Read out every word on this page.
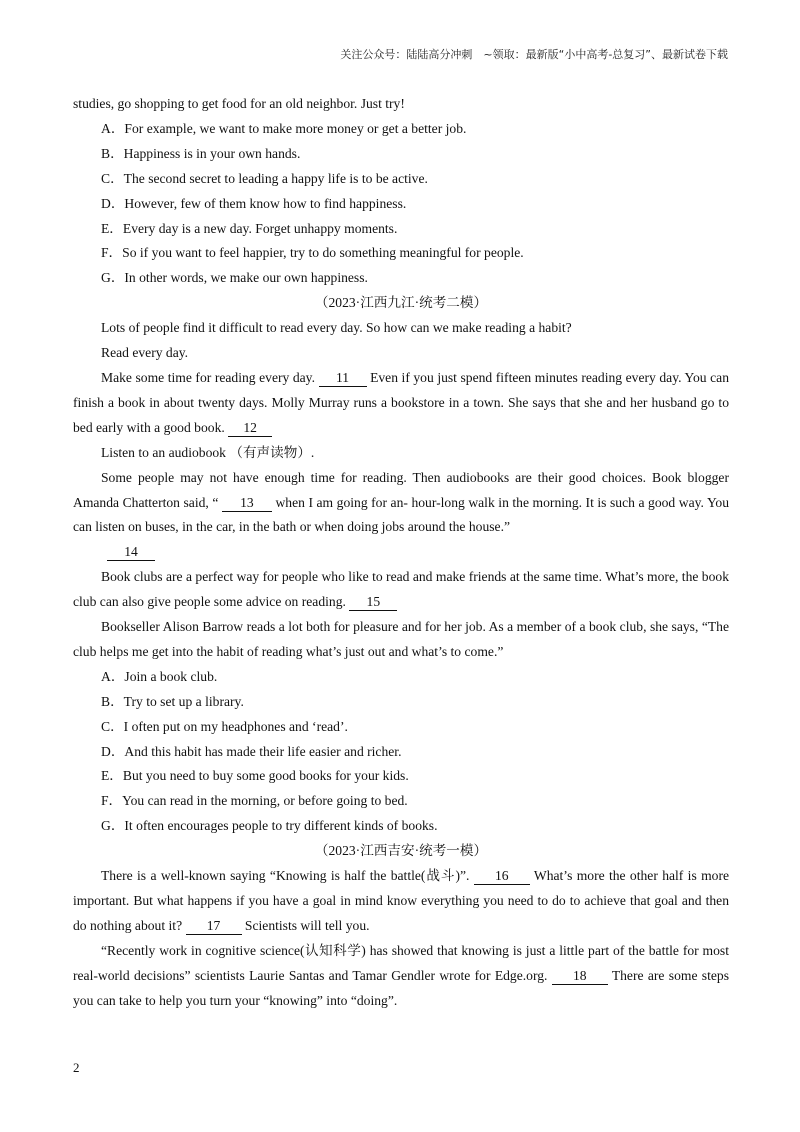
关注公众号：陆陆高分冲刺　~领取：最新版“小中高考-总复习”、最新试卷下载
studies, go shopping to get food for an old neighbor. Just try!
A．For example, we want to make more money or get a better job.
B．Happiness is in your own hands.
C．The second secret to leading a happy life is to be active.
D．However, few of them know how to find happiness.
E．Every day is a new day. Forget unhappy moments.
F．So if you want to feel happier, try to do something meaningful for people.
G．In other words, we make our own happiness.
（2023·江西九江·统考二模）
Lots of people find it difficult to read every day. So how can we make reading a habit?
Read every day.
Make some time for reading every day. 11 Even if you just spend fifteen minutes reading every day. You can finish a book in about twenty days. Molly Murray runs a bookstore in a town. She says that she and her husband go to bed early with a good book. 12
Listen to an audiobook （有声读物）.
Some people may not have enough time for reading. Then audiobooks are their good choices. Book blogger Amanda Chatterton said, “ 13 when I am going for an- hour-long walk in the morning. It is such a good way. You can listen on buses, in the car, in the bath or when doing jobs around the house.”
14
Book clubs are a perfect way for people who like to read and make friends at the same time. What’s more, the book club can also give people some advice on reading. 15
Bookseller Alison Barrow reads a lot both for pleasure and for her job. As a member of a book club, she says, “The club helps me get into the habit of reading what’s just out and what’s to come.”
A．Join a book club.
B．Try to set up a library.
C．I often put on my headphones and ‘read’.
D．And this habit has made their life easier and richer.
E．But you need to buy some good books for your kids.
F．You can read in the morning, or before going to bed.
G．It often encourages people to try different kinds of books.
（2023·江西吉安·统考一模）
There is a well-known saying “Knowing is half the battle(战斗)”. 16 What’s more the other half is more important. But what happens if you have a goal in mind know everything you need to do to achieve that goal and then do nothing about it? 17 Scientists will tell you.
“Recently work in cognitive science(认知科学) has showed that knowing is just a little part of the battle for most real-world decisions” scientists Laurie Santas and Tamar Gendler wrote for Edge.org. 18 There are some steps you can take to help you turn your “knowing” into “doing”.
2
